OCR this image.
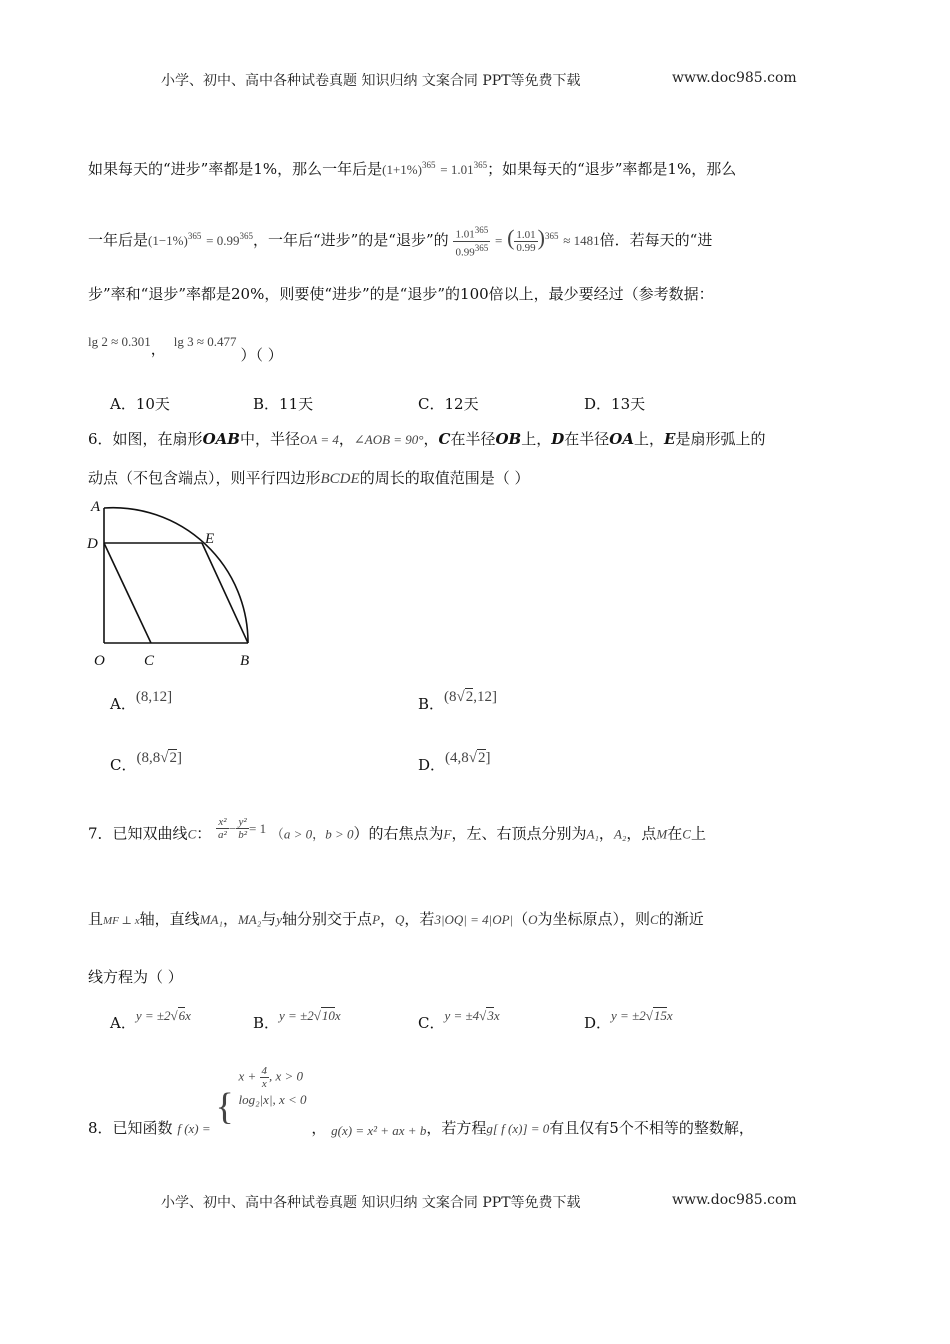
小学、初中、高中各种试卷真题 知识归纳 文案合同 PPT等免费下载	www.doc985.com
如果每天的“进步”率都是1%，那么一年后是$(1+1\%)^{365} = 1.01^{365}$；如果每天的“退步”率都是1%，那么
一年后是$(1-1\%)^{365} = 0.99^{365}$，一年后“进步”的是“退步”的 $\frac{1.01^{365}}{0.99^{365}}$ = ( $\frac{1.01}{0.99} )^{365} \approx 1481$倍．若每天的“进
步”率和“退步”率都是20%，则要使“进步”的是“退步”的100倍以上，最少要经过（参考数据：
lg 2 ≈ 0.301， lg 3 ≈ 0.477）（ ）
A．10天	B．11天	C．12天	D．13天
6．如图，在扇形OAB中，半径OA = 4，∠AOB = 90°，C在半径OB上，D在半径OA上，E是扇形弧上的
动点（不包含端点），则平行四边形BCDE的周长的取值范围是（ ）
A
D	E
O	C	B
A．(8,12]	B．(8√2,12]
C．(8,8√2]	D．(4,8√2]
7．已知双曲线C： $\frac{\text{x²}}{\text{a²}} - \frac{\text{y²}}{\text{b²}} = 1$ （a > 0，b > 0）的右焦点为F，左、右顶点分别为A₁，A₂，点M在C上
且MF ⊥ x轴，直线MA₁，MA₂与y轴分别交于点P，Q，若3|OQ| = 4|OP|（O为坐标原点），则C的渐近
线方程为（ ）
A．y = ±2√6x	B．y = ±2√10x	C．y = ±4√3x	D．y = ±2√15x
8．已知函数 f (x) = {
$x + \frac{4}{x}$ , x > 0
log₂|x|, x < 0
， g(x) = x² + ax + b，若方程g[ f (x)] = 0有且仅有5个不相等的整数解，
小学、初中、高中各种试卷真题 知识归纳 文案合同 PPT等免费下载	www.doc985.com
